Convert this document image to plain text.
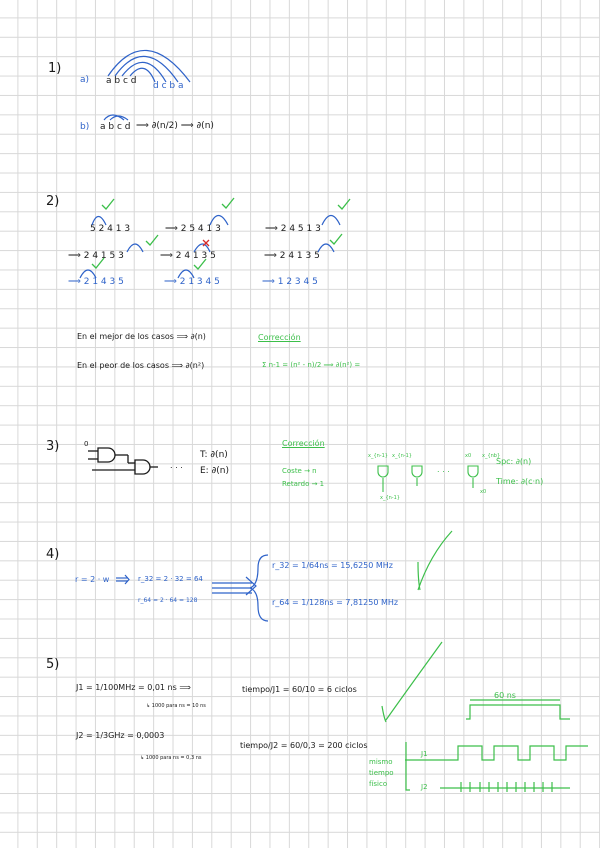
1)
a) a b c d d c b a
b) a b c d ⟹ ∂(n/2) ⟹ ∂(n)
2)
5 2 4 1 3	⟹ 2 5 4 1 3	⟹ 2 4 5 1 3
⟹ 2 4 1 5 3	⟹ 2 4 1 3 5	⟹ 2 4 1 3 5
⟹ 2 1 4 3 5	⟹ 2 1 3 4 5	⟹ 1 2 3 4 5
En el mejor de los casos ⟹ ∂(n)
En el peor de los casos ⟹ ∂(n²)
Corrección
Σ n-1 = (n² - n)/2 ⟹ ∂(n²) =
3)	0
. . .
T: ∂(n)
E: ∂(n)
Corrección
Coste → n
Retardo → 1
. . .
Spc: ∂(n)
Time: ∂(c·n)
x_{n-1} x_{n-1}	x0 x_{nb}
x_{n-1}
x0
4)
r = 2 · w	r_32 = 2 · 32 = 64
r_64 = 2 · 64 = 128
r_32 = 1/64ns = 15,6250 MHz
r_64 = 1/128ns = 7,81250 MHz
5)
J1 = 1/100MHz = 0,01 ns ⟹
↳ 1000 para ns = 10 ns
tiempo/J1 = 60/10 = 6 ciclos
J2 = 1/3GHz = 0,0003
↳ 1000 para ns = 0,3 ns
tiempo/J2 = 60/0,3 = 200 ciclos
60 ns
mismo
tiempo
físico
J1
J2
